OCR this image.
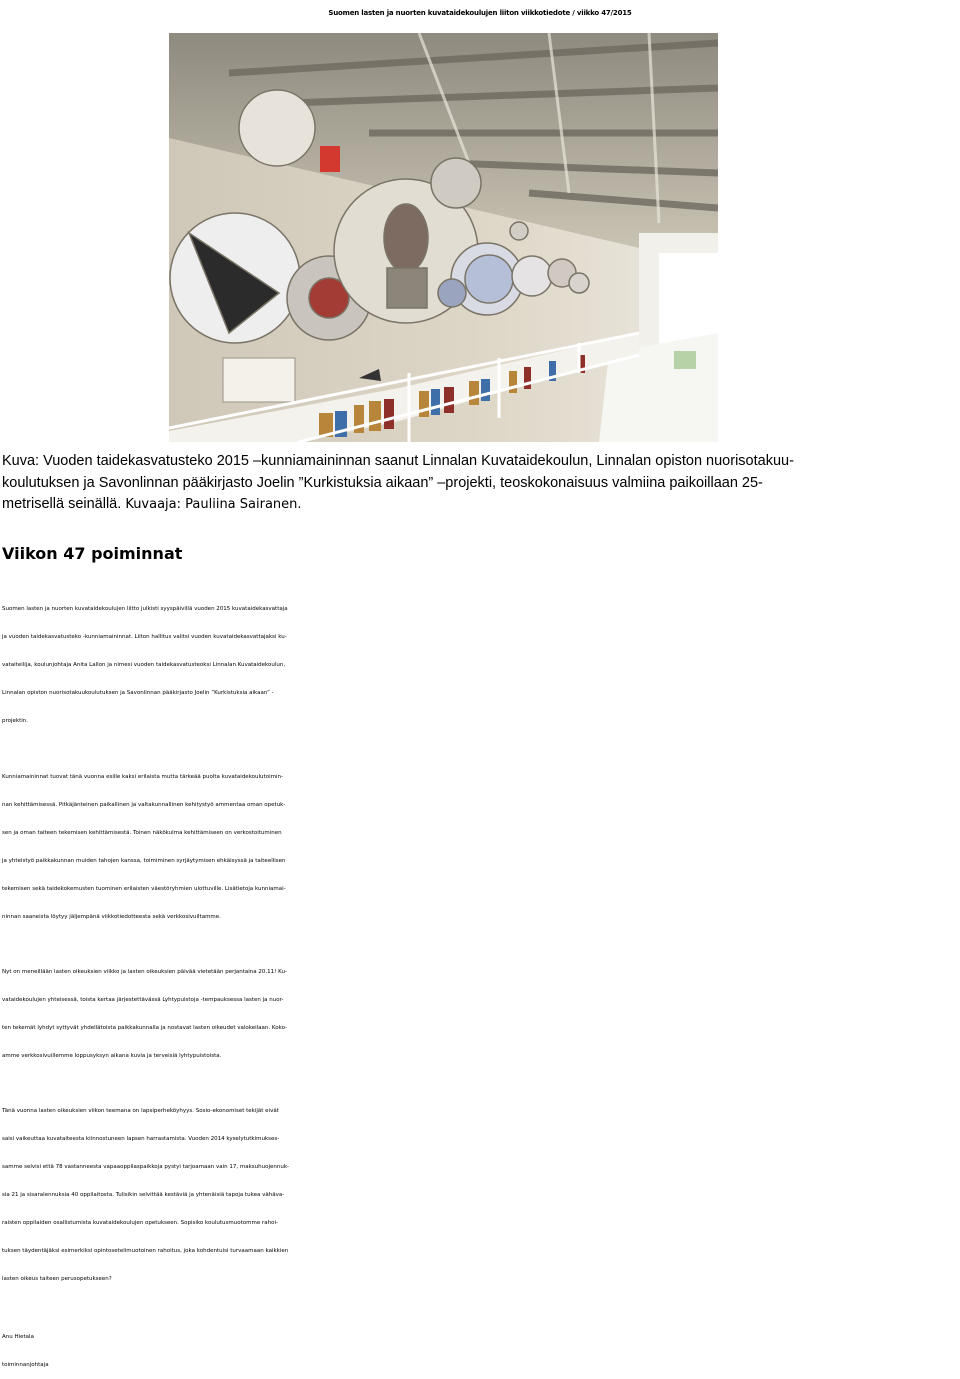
Suomen lasten ja nuorten kuvataidekoulujen liiton viikkotiedote / viikko 47/2015
Kuva: Vuoden taidekasvatusteko 2015 –kunniamaininnan saanut Linnalan Kuvataidekoulun, Linnalan opiston nuorisotakuu-
koulutuksen ja Savonlinnan pääkirjasto Joelin ”Kurkistuksia aikaan” –projekti, teoskokonaisuus valmiina paikoillaan 25-
metrisellä seinällä. Kuvaaja: Pauliina Sairanen.
Viikon 47 poiminnat

Suomen lasten ja nuorten kuvataidekoulujen liitto julkisti syyspäivillä vuoden 2015 kuvataidekasvattaja
ja vuoden taidekasvatusteko -kunniamaininnat. Liiton hallitus valitsi vuoden kuvataidekasvattajaksi ku-
vataiteilija, koulunjohtaja Anita Lallon ja nimesi vuoden taidekasvatusteoksi Linnalan Kuvataidekoulun,
Linnalan opiston nuorisotakuukoulutuksen ja Savonlinnan pääkirjasto Joelin ”Kurkistuksia aikaan” -
projektin.

Kunniamaininnat tuovat tänä vuonna esille kaksi erilaista mutta tärkeää puolta kuvataidekoulutoimin-
nan kehittämisessä. Pitkäjänteinen paikallinen ja valtakunnallinen kehitystyö ammentaa oman opetuk-
sen ja oman taiteen tekemisen kehittämisestä. Toinen näkökulma kehittämiseen on verkostoituminen
ja yhteistyö paikkakunnan muiden tahojen kanssa, toimiminen syrjäytymisen ehkäisyssä ja taiteellisen
tekemisen sekä taidekokemusten tuominen erilaisten väestöryhmien ulottuville. Lisätietoja kunniamai-
ninnan saaneista löytyy jäljempänä viikkotiedotteesta sekä verkkosivuiltamme.

Nyt on meneillään lasten oikeuksien viikko ja lasten oikeuksien päivää vietetään perjantaina 20.11! Ku-
vataidekoulujen yhteisessä, toista kertaa järjestettävässä Lyhtypuistoja -tempauksessa lasten ja nuor-
ten tekemät lyhdyt syttyvät yhdellätoista paikkakunnalla ja nostavat lasten oikeudet valokeilaan. Koko-
amme verkkosivuillemme loppusyksyn aikana kuvia ja terveisiä lyhtypuistoista.

Tänä vuonna lasten oikeuksien viikon teemana on lapsiperheköyhyys. Sosio-ekonomiset tekijät eivät
saisi vaikeuttaa kuvataiteesta kiinnostuneen lapsen harrastamista. Vuoden 2014 kyselytutkimukses-
samme selvisi että 78 vastanneesta vapaaoppilaspaikkoja pystyi tarjoamaan vain 17, maksuhuojennuk-
sia 21 ja sisaralennuksia 40 oppilaitosta. Tulisikin selvittää kestäviä ja yhtenäisiä tapoja tukea vähäva-
raisten oppilaiden osallistumista kuvataidekoulujen opetukseen. Sopisiko koulutusmuotomme rahoi-
tuksen täydentäjäksi esimerkiksi opintosetelimuotoinen rahoitus, joka kohdentuisi turvaamaan kaikkien
lasten oikeus taiteen perusopetukseen?

Anu Hietala
toiminnanjohtaja
